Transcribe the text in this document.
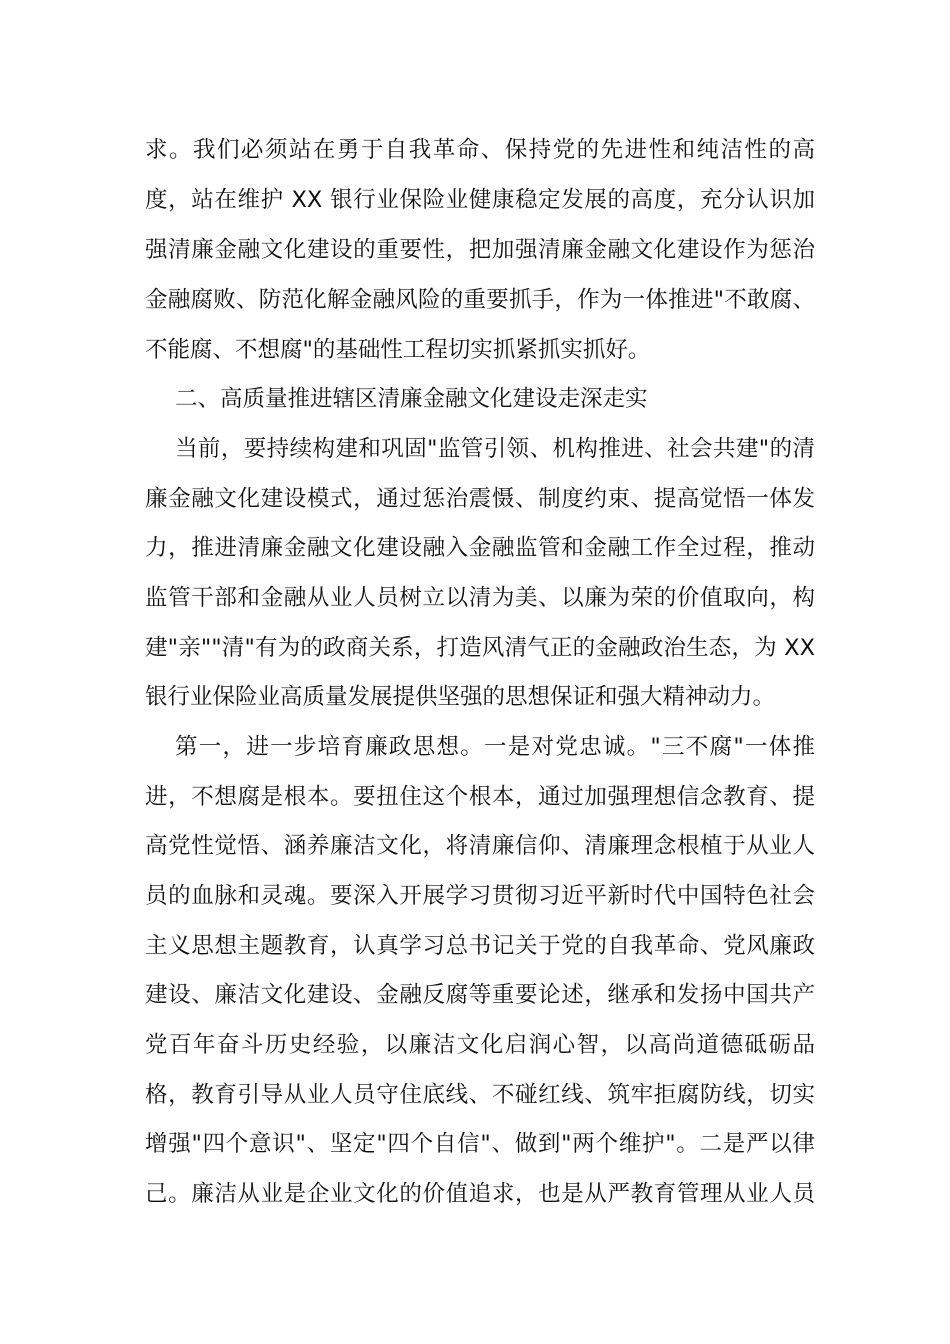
求。我们必须站在勇于自我革命、保持党的先进性和纯洁性的高
度，站在维护 XX 银行业保险业健康稳定发展的高度，充分认识加
强清廉金融文化建设的重要性，把加强清廉金融文化建设作为惩治
金融腐败、防范化解金融风险的重要抓手，作为一体推进"不敢腐、
不能腐、不想腐"的基础性工程切实抓紧抓实抓好。
二、高质量推进辖区清廉金融文化建设走深走实
当前，要持续构建和巩固"监管引领、机构推进、社会共建"的清
廉金融文化建设模式，通过惩治震慑、制度约束、提高觉悟一体发
力，推进清廉金融文化建设融入金融监管和金融工作全过程，推动
监管干部和金融从业人员树立以清为美、以廉为荣的价值取向，构
建"亲""清"有为的政商关系，打造风清气正的金融政治生态，为 XX
银行业保险业高质量发展提供坚强的思想保证和强大精神动力。
第一，进一步培育廉政思想。一是对党忠诚。"三不腐"一体推
进，不想腐是根本。要扭住这个根本，通过加强理想信念教育、提
高党性觉悟、涵养廉洁文化，将清廉信仰、清廉理念根植于从业人
员的血脉和灵魂。要深入开展学习贯彻习近平新时代中国特色社会
主义思想主题教育，认真学习总书记关于党的自我革命、党风廉政
建设、廉洁文化建设、金融反腐等重要论述，继承和发扬中国共产
党百年奋斗历史经验，以廉洁文化启润心智，以高尚道德砥砺品
格，教育引导从业人员守住底线、不碰红线、筑牢拒腐防线，切实
增强"四个意识"、坚定"四个自信"、做到"两个维护"。二是严以律
己。廉洁从业是企业文化的价值追求，也是从严教育管理从业人员
